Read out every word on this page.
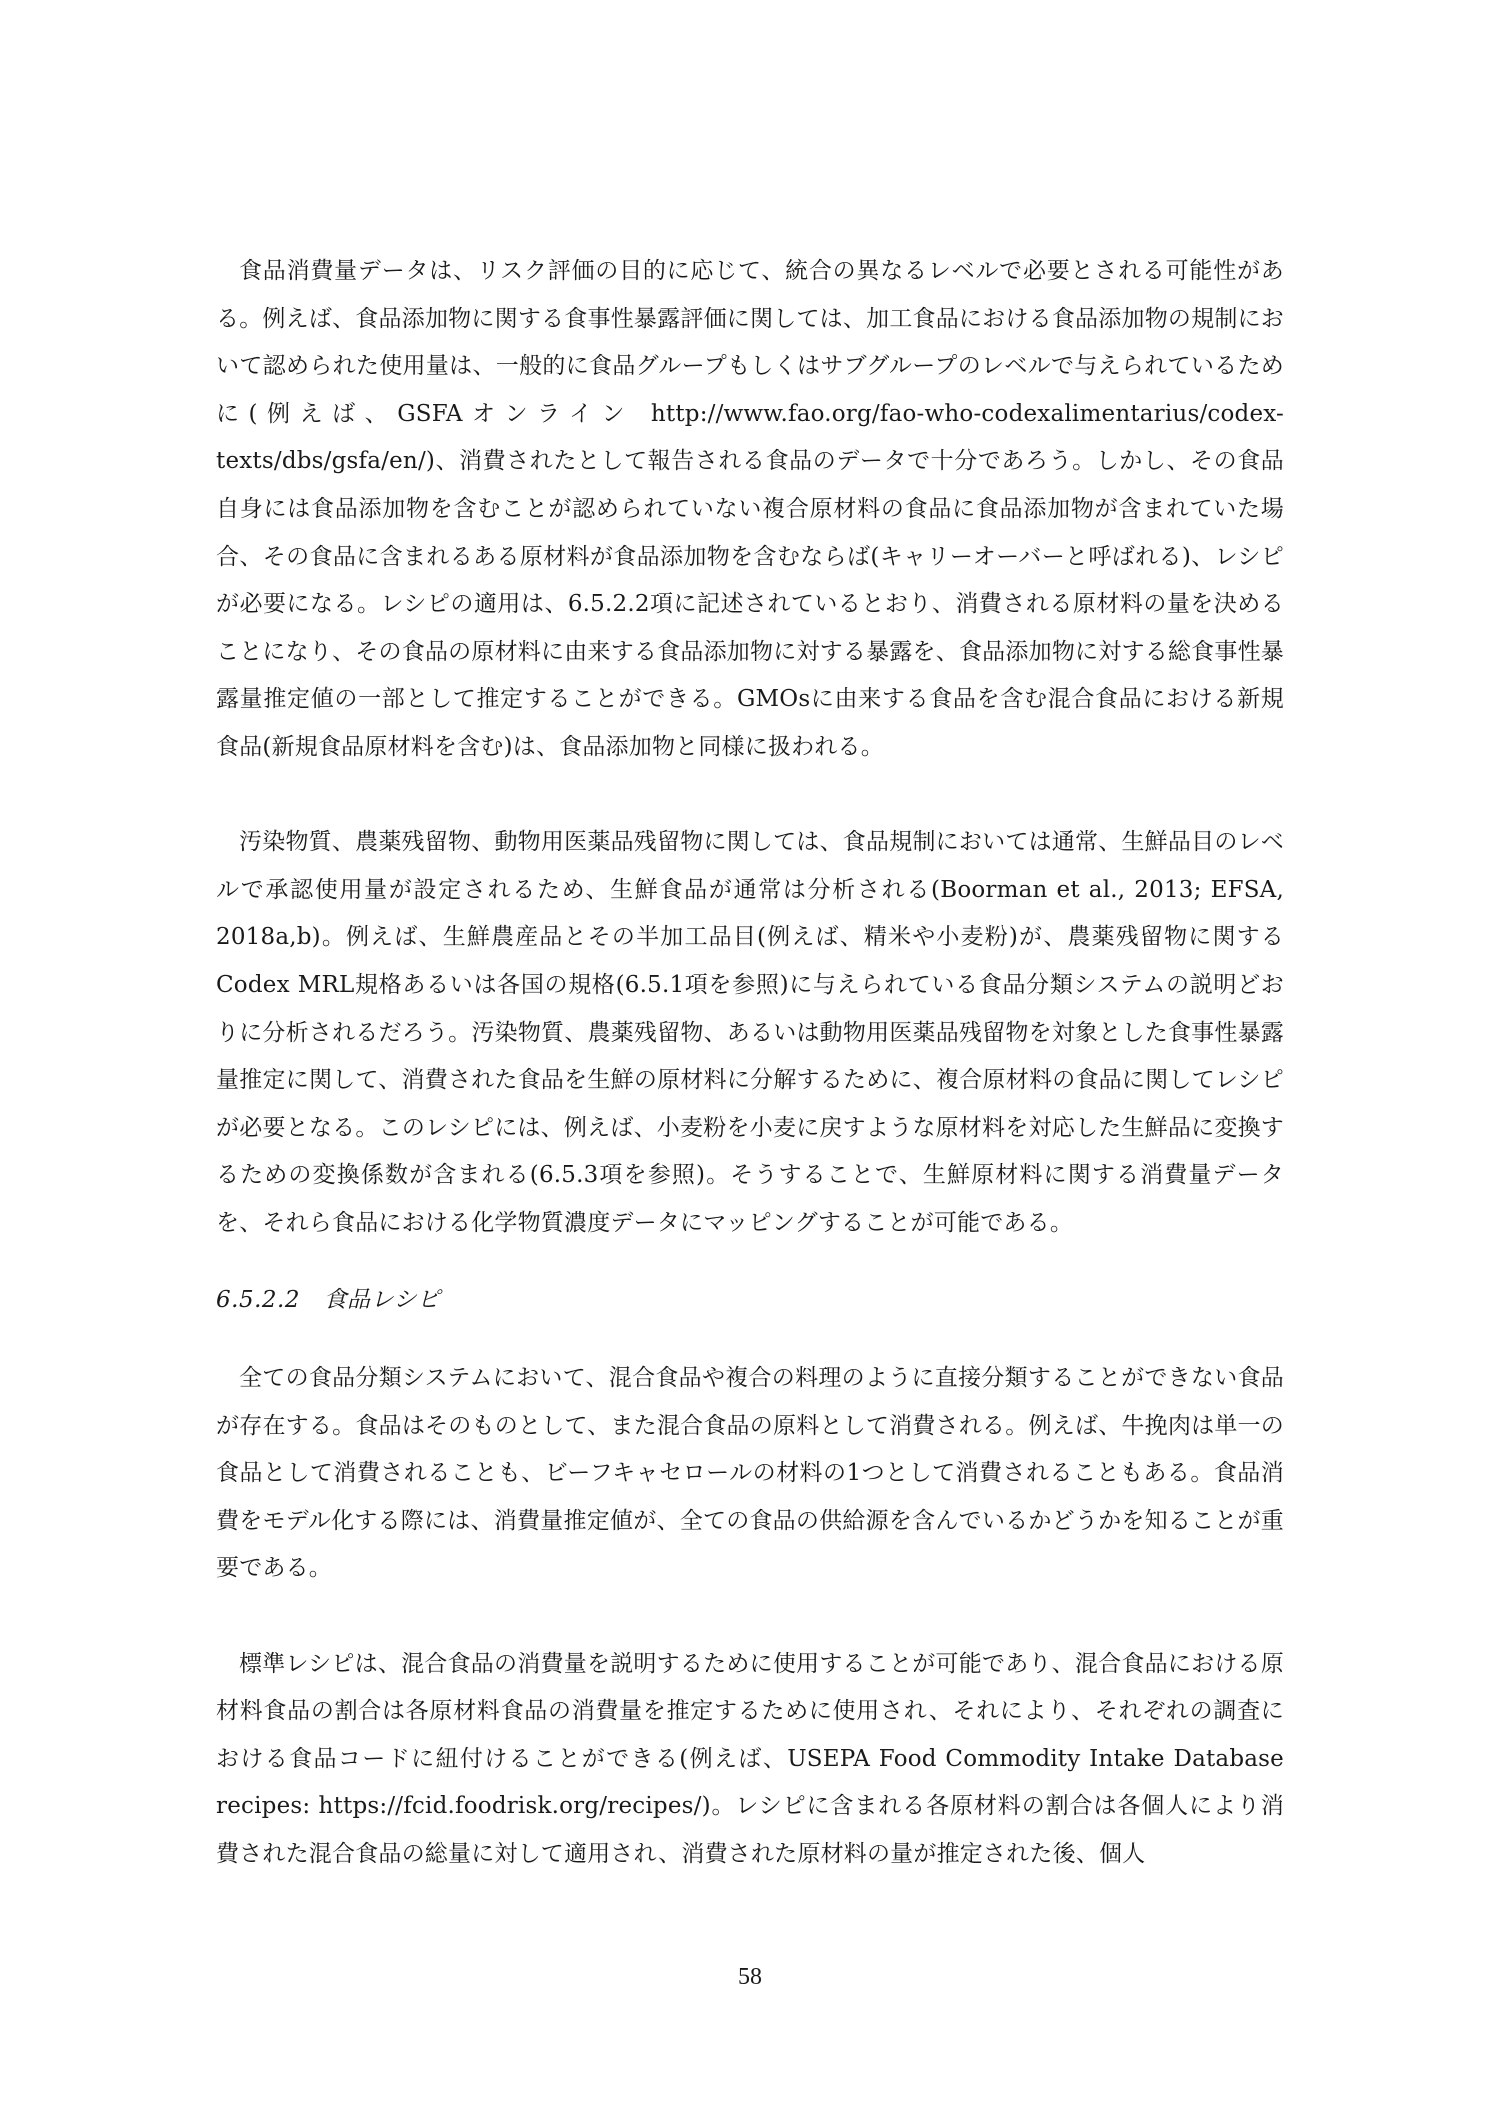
食品消費量データは、リスク評価の目的に応じて、統合の異なるレベルで必要とされる可能性がある。例えば、食品添加物に関する食事性暴露評価に関しては、加工食品における食品添加物の規制において認められた使用量は、一般的に食品グループもしくはサブグループのレベルで与えられているために(例えば、GSFAオンライン http://www.fao.org/fao-who-codexalimentarius/codex-texts/dbs/gsfa/en/)、消費されたとして報告される食品のデータで十分であろう。しかし、その食品自身には食品添加物を含むことが認められていない複合原材料の食品に食品添加物が含まれていた場合、その食品に含まれるある原材料が食品添加物を含むならば(キャリーオーバーと呼ばれる)、レシピが必要になる。レシピの適用は、6.5.2.2項に記述されているとおり、消費される原材料の量を決めることになり、その食品の原材料に由来する食品添加物に対する暴露を、食品添加物に対する総食事性暴露量推定値の一部として推定することができる。GMOsに由来する食品を含む混合食品における新規食品(新規食品原材料を含む)は、食品添加物と同様に扱われる。

汚染物質、農薬残留物、動物用医薬品残留物に関しては、食品規制においては通常、生鮮品目のレベルで承認使用量が設定されるため、生鮮食品が通常は分析される(Boorman et al., 2013; EFSA, 2018a,b)。例えば、生鮮農産品とその半加工品目(例えば、精米や小麦粉)が、農薬残留物に関するCodex MRL規格あるいは各国の規格(6.5.1項を参照)に与えられている食品分類システムの説明どおりに分析されるだろう。汚染物質、農薬残留物、あるいは動物用医薬品残留物を対象とした食事性暴露量推定に関して、消費された食品を生鮮の原材料に分解するために、複合原材料の食品に関してレシピが必要となる。このレシピには、例えば、小麦粉を小麦に戻すような原材料を対応した生鮮品に変換するための変換係数が含まれる(6.5.3項を参照)。そうすることで、生鮮原材料に関する消費量データを、それら食品における化学物質濃度データにマッピングすることが可能である。

6.5.2.2　食品レシピ

全ての食品分類システムにおいて、混合食品や複合の料理のように直接分類することができない食品が存在する。食品はそのものとして、また混合食品の原料として消費される。例えば、牛挽肉は単一の食品として消費されることも、ビーフキャセロールの材料の1つとして消費されることもある。食品消費をモデル化する際には、消費量推定値が、全ての食品の供給源を含んでいるかどうかを知ることが重要である。

標準レシピは、混合食品の消費量を説明するために使用することが可能であり、混合食品における原材料食品の割合は各原材料食品の消費量を推定するために使用され、それにより、それぞれの調査における食品コードに紐付けることができる(例えば、USEPA Food Commodity Intake Database recipes: https://fcid.foodrisk.org/recipes/)。レシピに含まれる各原材料の割合は各個人により消費された混合食品の総量に対して適用され、消費された原材料の量が推定された後、個人

58
